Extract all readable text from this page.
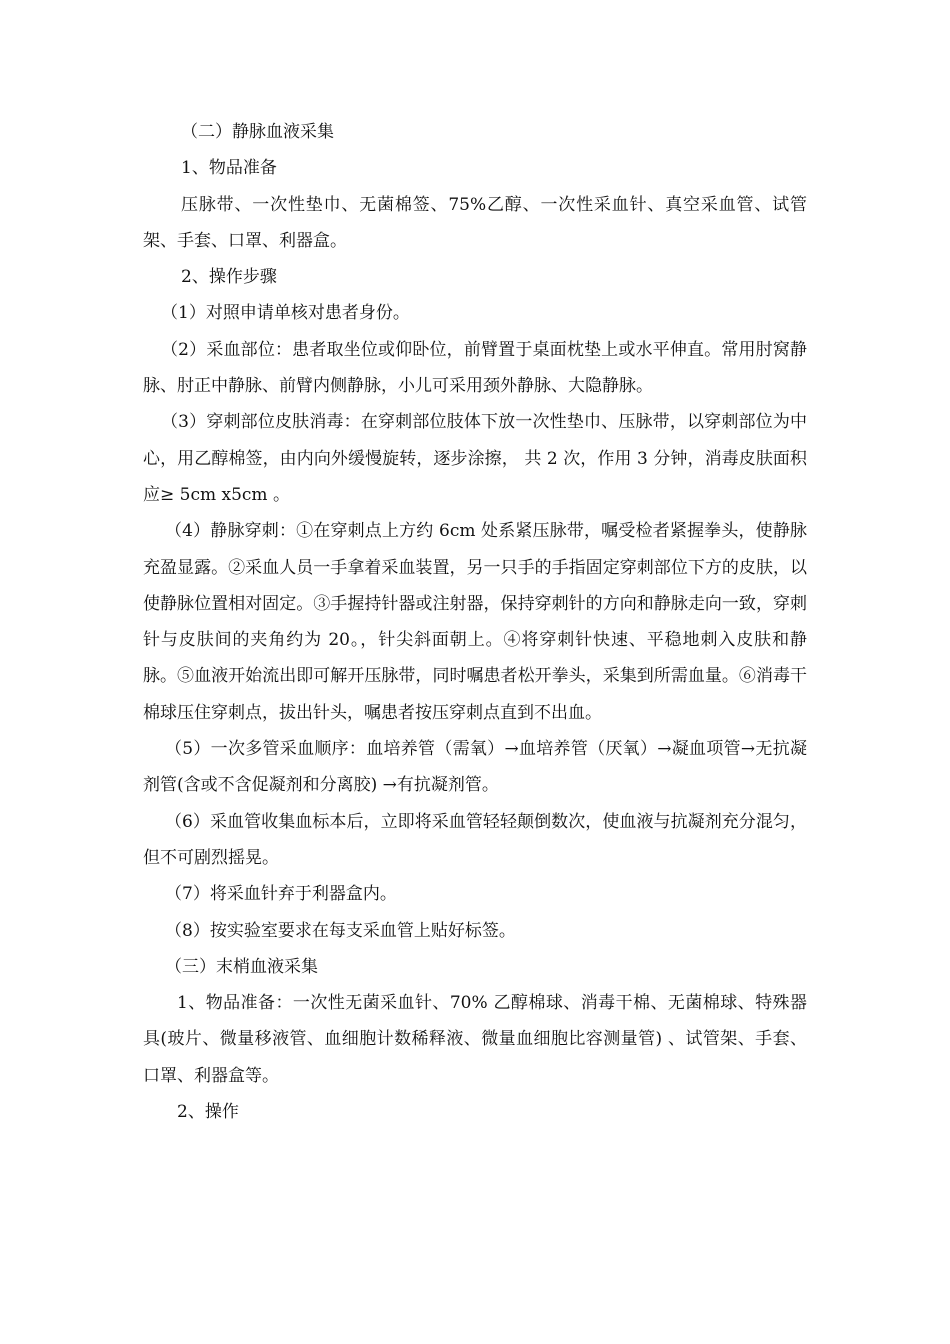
（二）静脉血液采集

1、物品准备

压脉带、一次性垫巾、无菌棉签、75%乙醇、一次性采血针、真空采血管、试管架、手套、口罩、利器盒。

2、操作步骤

（1）对照申请单核对患者身份。

（2）采血部位：患者取坐位或仰卧位，前臂置于桌面枕垫上或水平伸直。常用肘窝静脉、肘正中静脉、前臂内侧静脉，小儿可采用颈外静脉、大隐静脉。

（3）穿刺部位皮肤消毒：在穿刺部位肢体下放一次性垫巾、压脉带，以穿刺部位为中心，用乙醇棉签，由内向外缓慢旋转，逐步涂擦， 共 2 次，作用 3 分钟，消毒皮肤面积应≥ 5cm x5cm 。

（4）静脉穿刺：①在穿刺点上方约 6cm 处系紧压脉带，嘱受检者紧握拳头，使静脉充盈显露。②采血人员一手拿着采血装置，另一只手的手指固定穿刺部位下方的皮肤，以使静脉位置相对固定。③手握持针器或注射器，保持穿刺针的方向和静脉走向一致，穿刺针与皮肤间的夹角约为 20。，针尖斜面朝上。④将穿刺针快速、平稳地刺入皮肤和静脉。⑤血液开始流出即可解开压脉带，同时嘱患者松开拳头，采集到所需血量。⑥消毒干棉球压住穿刺点，拔出针头，嘱患者按压穿刺点直到不出血。

（5）一次多管采血顺序：血培养管（需氧）→血培养管（厌氧）→凝血项管→无抗凝剂管(含或不含促凝剂和分离胶) →有抗凝剂管。

（6）采血管收集血标本后，立即将采血管轻轻颠倒数次，使血液与抗凝剂充分混匀，但不可剧烈摇晃。

（7）将采血针弃于利器盒内。

（8）按实验室要求在每支采血管上贴好标签。

（三）末梢血液采集

1、物品准备：一次性无菌采血针、70% 乙醇棉球、消毒干棉、无菌棉球、特殊器具(玻片、微量移液管、血细胞计数稀释液、微量血细胞比容测量管) 、试管架、手套、口罩、利器盒等。

2、操作
